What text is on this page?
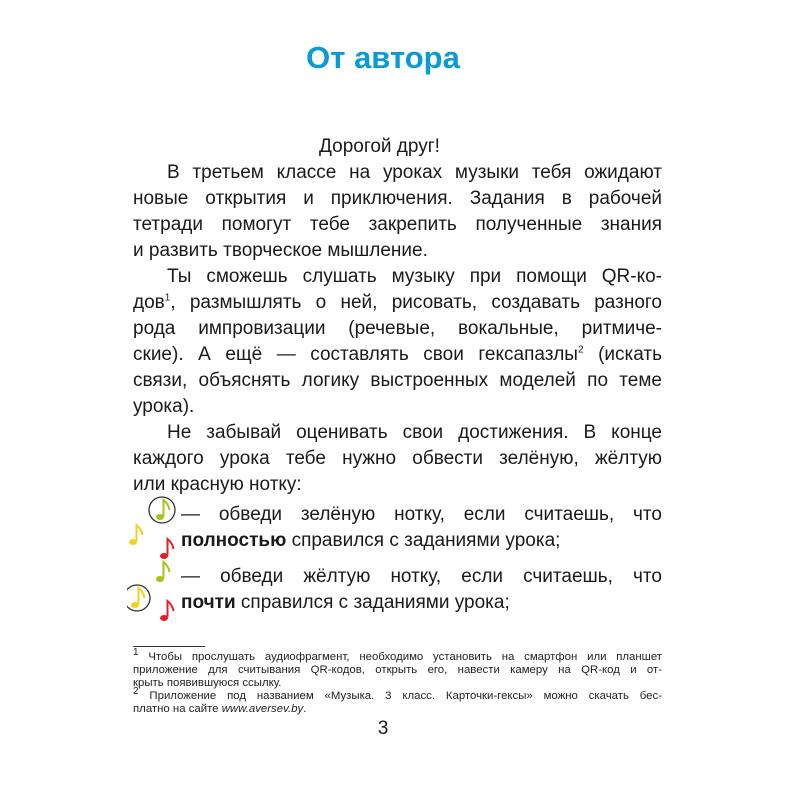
От автора
Дорогой друг!
В третьем классе на уроках музыки тебя ожидают
новые открытия и приключения. Задания в рабочей
тетради помогут тебе закрепить полученные знания
и развить творческое мышление.
Ты сможешь слушать музыку при помощи QR-ко-
дов$^1$, размышлять о ней, рисовать, создавать разного
рода импровизации (речевые, вокальные, ритмиче-
ские). А ещё — составлять свои гексапазлы$^2$ (искать
связи, объяснять логику выстроенных моделей по теме
урока).
Не забывай оценивать свои достижения. В конце
каждого урока тебе нужно обвести зелёную, жёлтую
или красную нотку:
— обведи зелёную нотку, если считаешь, что
полностью справился с заданиями урока;
— обведи жёлтую нотку, если считаешь, что
почти справился с заданиями урока;
$^1$ Чтобы прослушать аудиофрагмент, необходимо установить на смартфон или планшет
приложение для считывания QR-кодов, открыть его, навести камеру на QR-код и от-
крыть появившуюся ссылку.
$^2$ Приложение под названием «Музыка. 3 класс. Карточки-гексы» можно скачать бес-
платно на сайте www.aversev.by.
3
